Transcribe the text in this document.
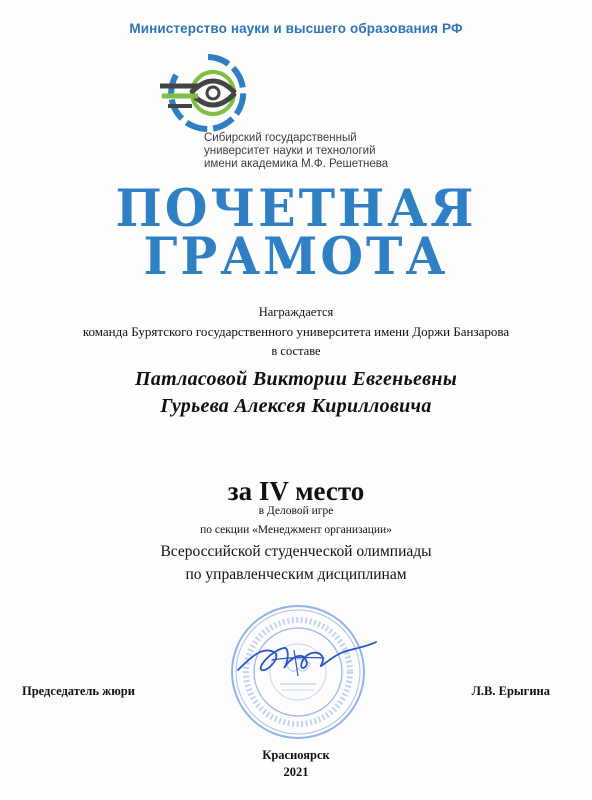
Министерство науки и высшего образования РФ
Сибирский государственный
университет науки и технологий
имени академика М.Ф. Решетнева
ПОЧЕТНАЯ
ГРАМОТА
Награждается
команда Бурятского государственного университета имени Доржи Банзарова
в составе
Патласовой Виктории Евгеньевны
Гурьева Алексея Кирилловича
за IV место
в Деловой игре
по секции «Менеджмент организации»
Всероссийской студенческой олимпиады
по управленческим дисциплинам
Председатель жюри	Л.В. Ерыгина
Красноярск
2021
